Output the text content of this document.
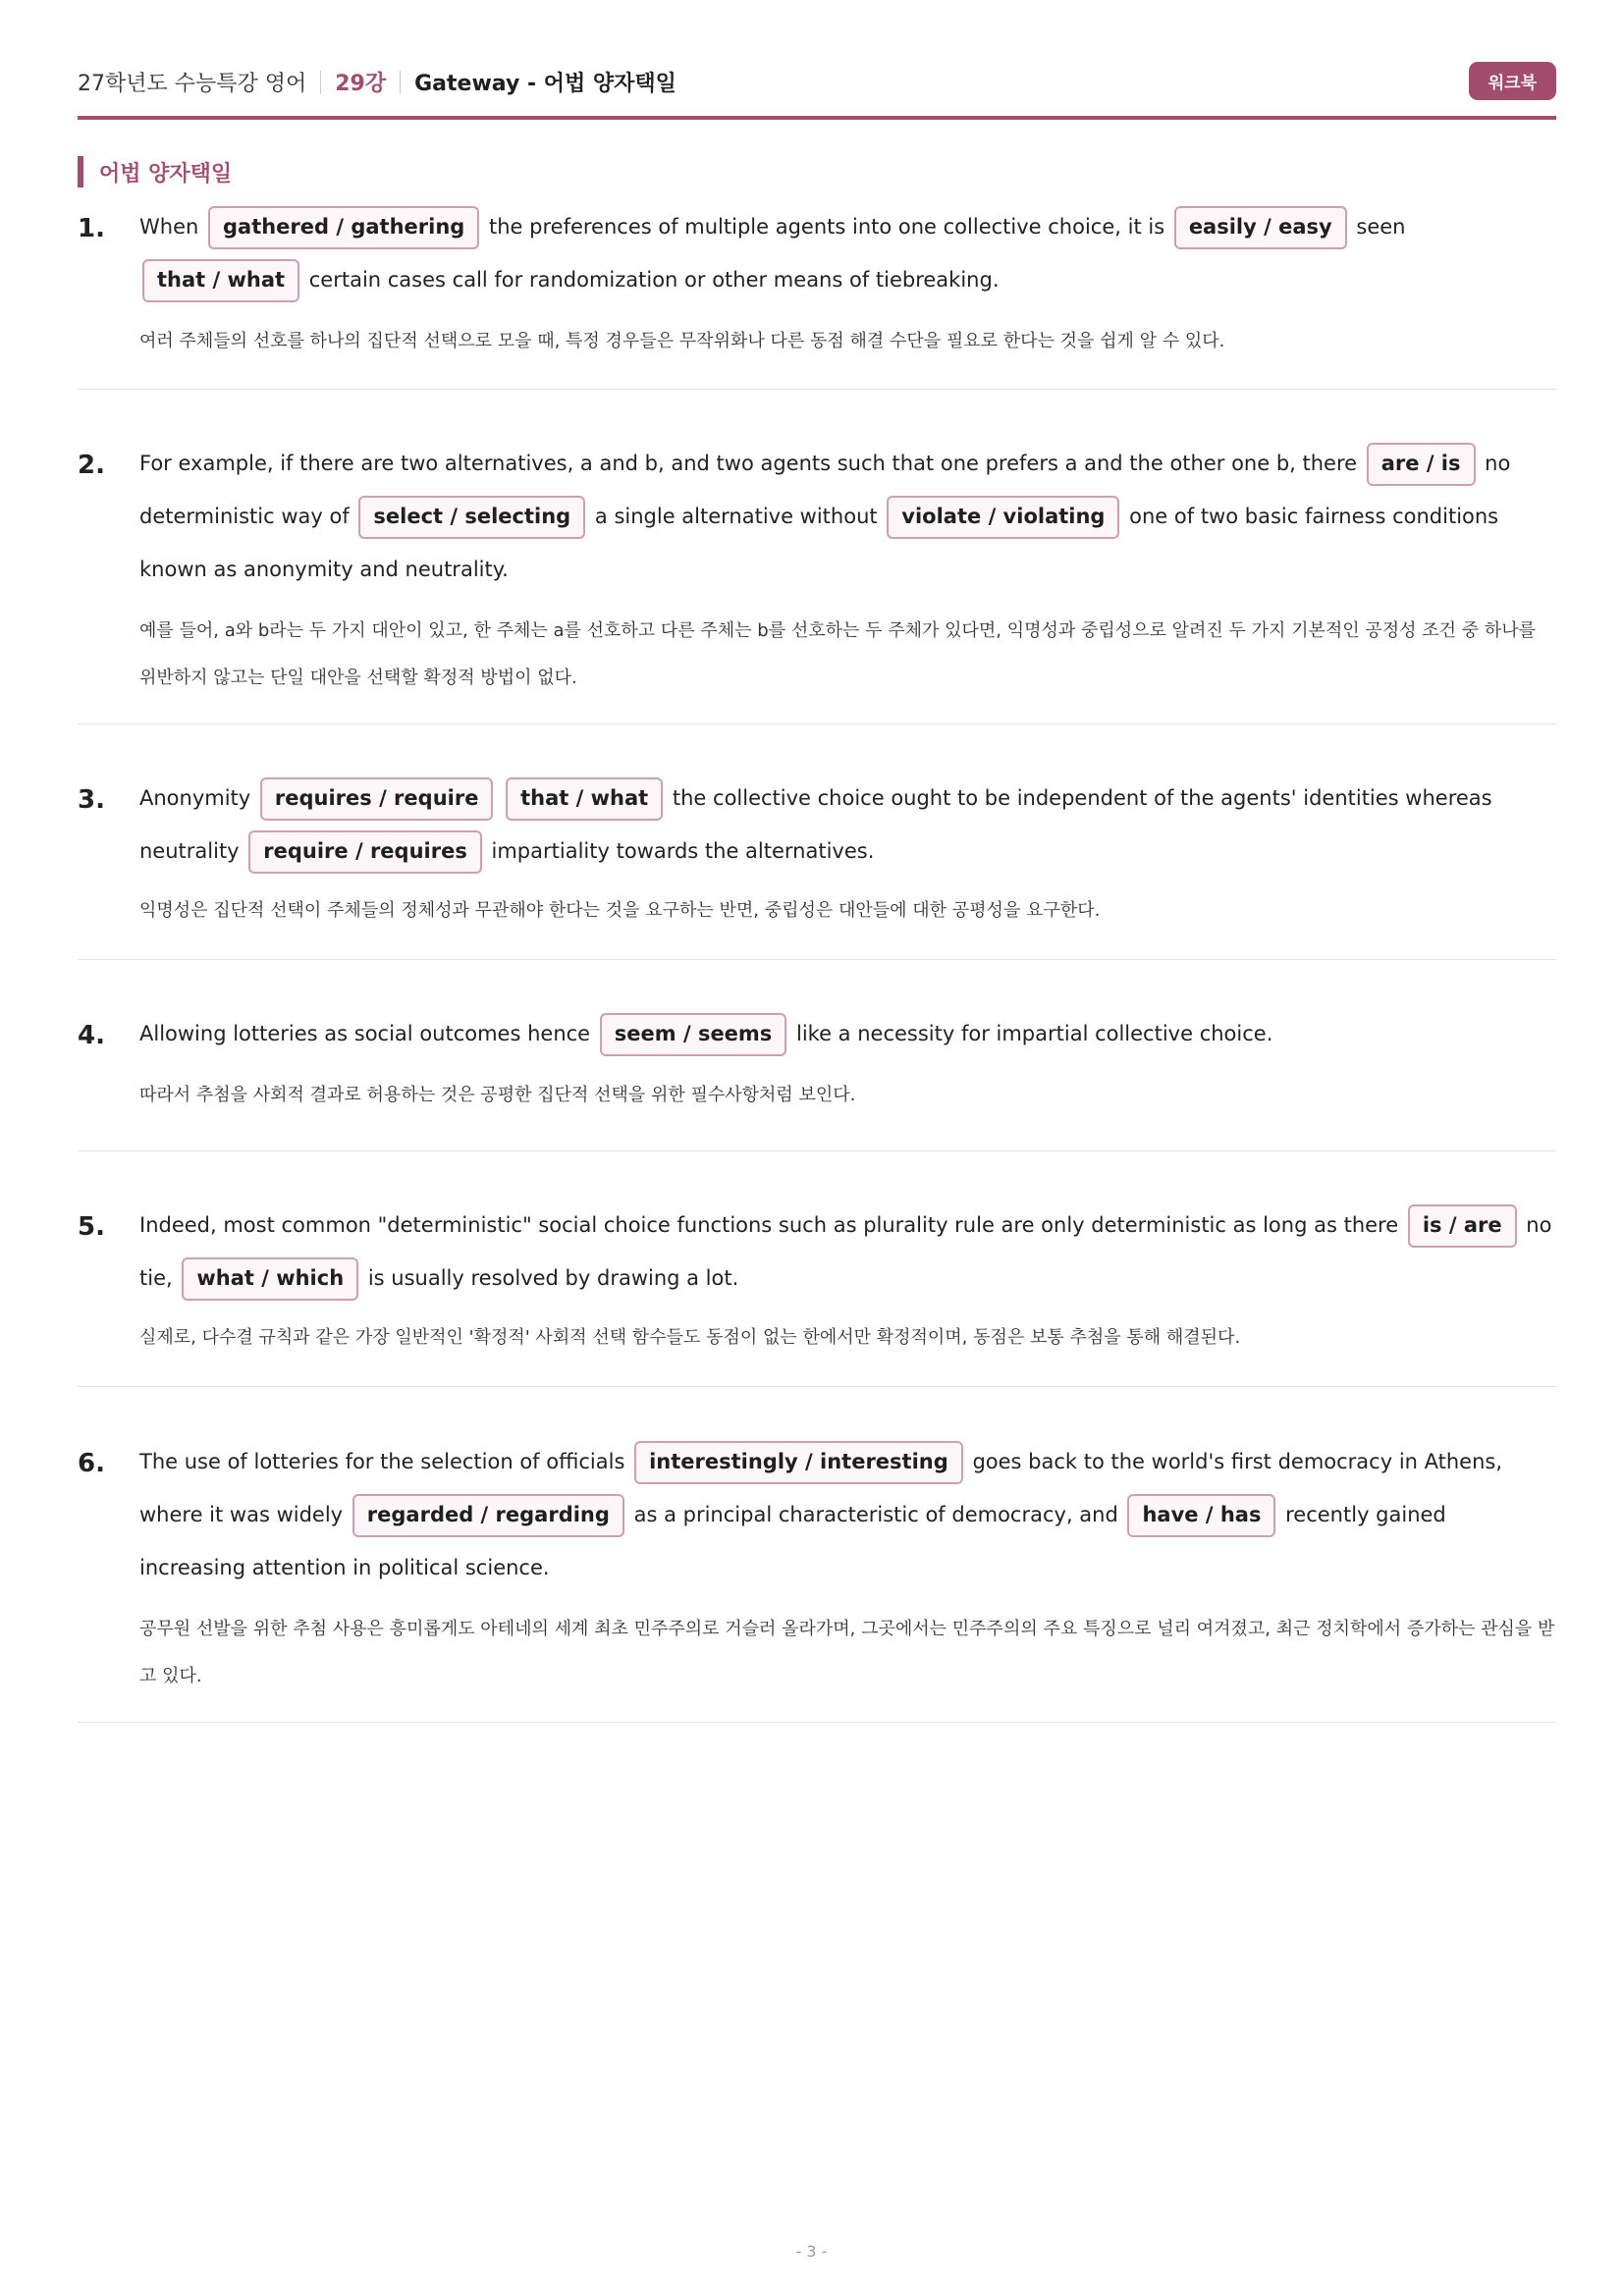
27학년도 수능특강 영어 29강 Gateway - 어법 양자택일	워크북
어법 양자택일
1. When gathered / gathering the preferences of multiple agents into one collective choice, it is easily / easy seen that / what certain cases call for randomization or other means of tiebreaking.
여러 주체들의 선호를 하나의 집단적 선택으로 모을 때, 특정 경우들은 무작위화나 다른 동점 해결 수단을 필요로 한다는 것을 쉽게 알 수 있다.
2. For example, if there are two alternatives, a and b, and two agents such that one prefers a and the other one b, there are / is no deterministic way of select / selecting a single alternative without violate / violating one of two basic fairness conditions known as anonymity and neutrality.
예를 들어, a와 b라는 두 가지 대안이 있고, 한 주체는 a를 선호하고 다른 주체는 b를 선호하는 두 주체가 있다면, 익명성과 중립성으로 알려진 두 가지 기본적인 공정성 조건 중 하나를 위반하지 않고는 단일 대안을 선택할 확정적 방법이 없다.
3. Anonymity requires / require that / what the collective choice ought to be independent of the agents' identities whereas neutrality require / requires impartiality towards the alternatives.
익명성은 집단적 선택이 주체들의 정체성과 무관해야 한다는 것을 요구하는 반면, 중립성은 대안들에 대한 공평성을 요구한다.
4. Allowing lotteries as social outcomes hence seem / seems like a necessity for impartial collective choice.
따라서 추첨을 사회적 결과로 허용하는 것은 공평한 집단적 선택을 위한 필수사항처럼 보인다.
5. Indeed, most common "deterministic" social choice functions such as plurality rule are only deterministic as long as there is / are no tie, what / which is usually resolved by drawing a lot.
실제로, 다수결 규칙과 같은 가장 일반적인 '확정적' 사회적 선택 함수들도 동점이 없는 한에서만 확정적이며, 동점은 보통 추첨을 통해 해결된다.
6. The use of lotteries for the selection of officials interestingly / interesting goes back to the world's first democracy in Athens, where it was widely regarded / regarding as a principal characteristic of democracy, and have / has recently gained increasing attention in political science.
공무원 선발을 위한 추첨 사용은 흥미롭게도 아테네의 세계 최초 민주주의로 거슬러 올라가며, 그곳에서는 민주주의의 주요 특징으로 널리 여겨졌고, 최근 정치학에서 증가하는 관심을 받고 있다.
- 3 -
